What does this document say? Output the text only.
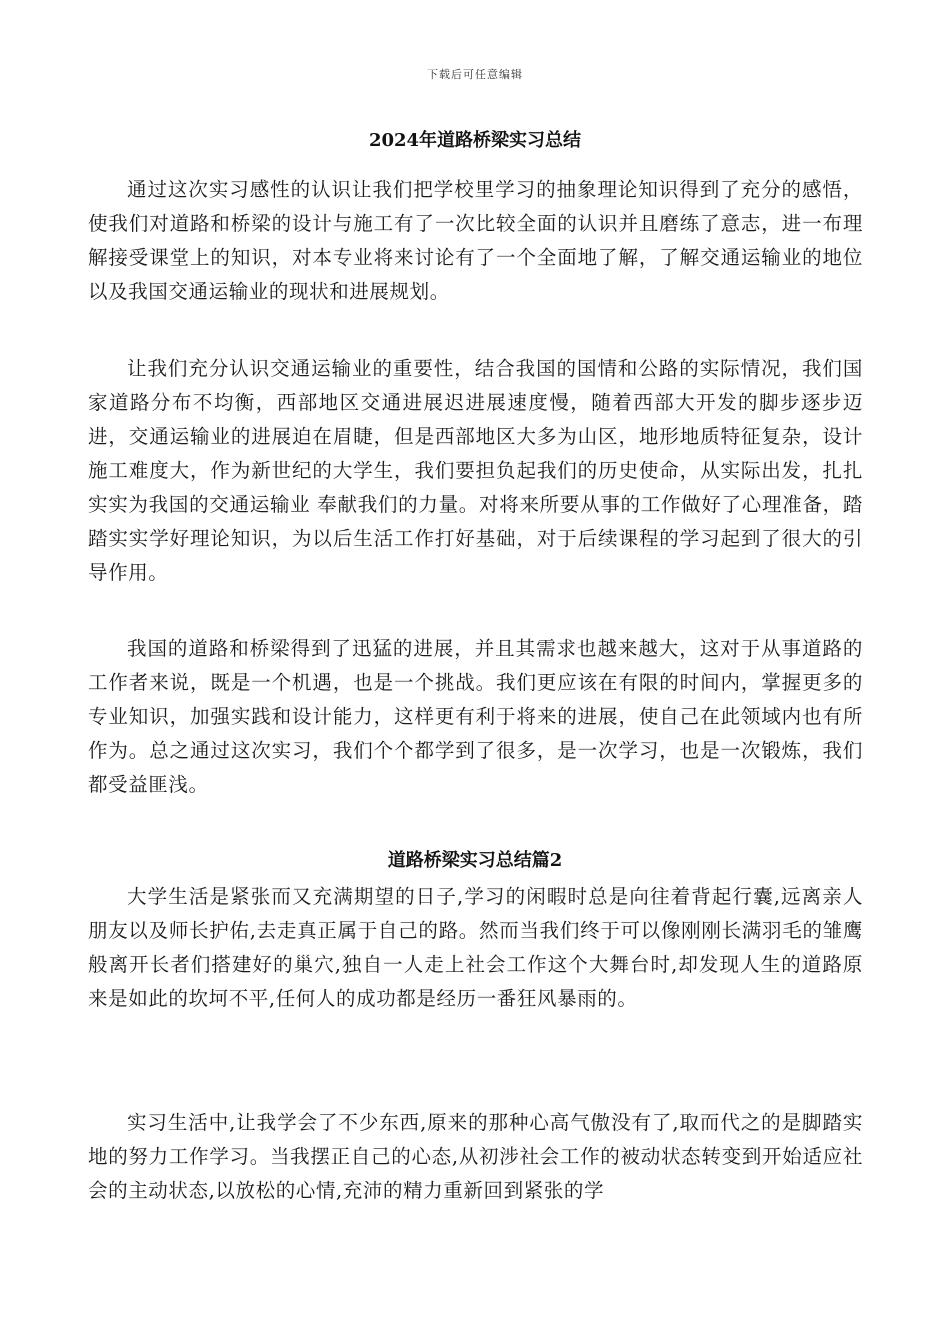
下载后可任意编辑
2024年道路桥梁实习总结

通过这次实习感性的认识让我们把学校里学习的抽象理论知识得到了充分的感悟，使我们对道路和桥梁的设计与施工有了一次比较全面的认识并且磨练了意志，进一布理解接受课堂上的知识，对本专业将来讨论有了一个全面地了解，了解交通运输业的地位以及我国交通运输业的现状和进展规划。

让我们充分认识交通运输业的重要性，结合我国的国情和公路的实际情况，我们国家道路分布不均衡，西部地区交通进展迟进展速度慢，随着西部大开发的脚步逐步迈进，交通运输业的进展迫在眉睫，但是西部地区大多为山区，地形地质特征复杂，设计施工难度大，作为新世纪的大学生，我们要担负起我们的历史使命，从实际出发，扎扎实实为我国的交通运输业 奉献我们的力量。对将来所要从事的工作做好了心理准备，踏踏实实学好理论知识，为以后生活工作打好基础，对于后续课程的学习起到了很大的引导作用。

我国的道路和桥梁得到了迅猛的进展，并且其需求也越来越大，这对于从事道路的工作者来说，既是一个机遇，也是一个挑战。我们更应该在有限的时间内，掌握更多的专业知识，加强实践和设计能力，这样更有利于将来的进展，使自己在此领域内也有所作为。总之通过这次实习，我们个个都学到了很多，是一次学习，也是一次锻炼，我们都受益匪浅。

道路桥梁实习总结篇2

大学生活是紧张而又充满期望的日子,学习的闲暇时总是向往着背起行囊,远离亲人朋友以及师长护佑,去走真正属于自己的路。然而当我们终于可以像刚刚长满羽毛的雏鹰般离开长者们搭建好的巢穴,独自一人走上社会工作这个大舞台时,却发现人生的道路原来是如此的坎坷不平,任何人的成功都是经历一番狂风暴雨的。

实习生活中,让我学会了不少东西,原来的那种心高气傲没有了,取而代之的是脚踏实地的努力工作学习。当我摆正自己的心态,从初涉社会工作的被动状态转变到开始适应社会的主动状态,以放松的心情,充沛的精力重新回到紧张的学
